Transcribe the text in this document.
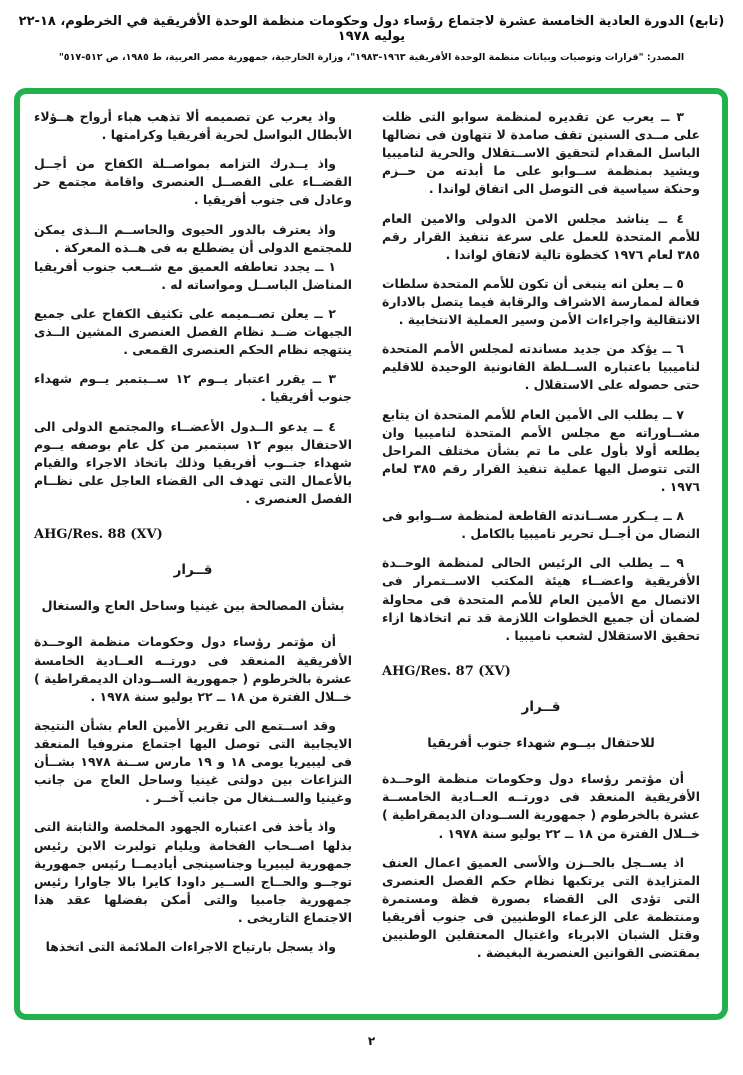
(تابع) الدورة العادية الخامسة عشرة لاجتماع رؤساء دول وحكومات منظمة الوحدة الأفريقية في الخرطوم، ١٨-٢٢ يوليه ١٩٧٨
المصدر: "قرارات وتوصيات وبيانات منظمة الوحدة الأفريقية ١٩٦٣-١٩٨٣"، وزارة الخارجية، جمهورية مصر العربية، ط ١٩٨٥، ص ٥١٢-٥١٧"

٣ ــ يعرب عن تقديره لمنظمة سوابو التى ظلت على مــدى السنين تقف صامدة لا تتهاون فى نضالها الباسل المقدام لتحقيق الاســتقلال والحرية لناميبيا ويشيد بمنظمة ســوابو على ما أبدته من حــزم وحنكة سياسية فى التوصل الى اتفاق لواندا .

٤ ــ يناشد مجلس الامن الدولى والامين العام للأمم المتحدة للعمل على سرعة تنفيذ القرار رقم ٣٨٥ لعام ١٩٧٦ كخطوة تالية لاتفاق لواندا .

٥ ــ يعلن انه ينبغى أن تكون للأمم المتحدة سلطات فعالة لممارسة الاشراف والرقابة فيما يتصل بالادارة الانتقالية واجراءات الأمن وسير العملية الانتخابية .

٦ ــ يؤكد من جديد مساندته لمجلس الأمم المتحدة لناميبيا باعتباره الســلطة القانونية الوحيدة للاقليم حتى حصوله على الاستقلال .

٧ ــ يطلب الى الأمين العام للأمم المتحدة ان يتابع مشــاوراته مع مجلس الأمم المتحدة لناميبيا وان يطلعه أولا بأول على ما تم بشأن مختلف المراحل التى تتوصل اليها عملية تنفيذ القرار رقم ٣٨٥ لعام ١٩٧٦ .

٨ ــ يــكرر مســاندته القاطعة لمنظمة ســوابو فى النضال من أجــل تحرير ناميبيا بالكامل .

٩ ــ يطلب الى الرئيس الحالى لمنظمة الوحــدة الأفريقية واعضــاء هيئة المكتب الاســتمرار فى الاتصال مع الأمين العام للأمم المتحدة فى محاولة لضمان أن جميع الخطوات اللازمة قد تم اتخاذها ازاء تحقيق الاستقلال لشعب ناميبيا .

AHG/Res. 87 (XV)

قــرار

للاحتفال بيــوم شهداء جنوب أفريقيا

أن مؤتمر رؤساء دول وحكومات منظمة الوحــدة الأفريقية المنعقد فى دورتــه العــادية الخامســة عشرة بالخرطوم ( جمهورية الســودان الديمقراطية ) خــلال الفترة من ١٨ ــ ٢٢ يوليو سنة ١٩٧٨ .

اذ يســجل بالحــزن والأسى العميق اعمال العنف المتزايدة التى يرتكبها نظام حكم الفصل العنصرى التى تؤدى الى القضاء بصورة فظة ومستمرة ومنتظمة على الزعماء الوطنيين فى جنوب أفريقيا وقتل الشبان الابرياء واغتيال المعتقلين الوطنيين بمقتضى القوانين العنصرية البغيضة .

واذ يعرب عن تصميمه ألا تذهب هباء أرواح هــؤلاء الأبطال البواسل لحرية أفريقيا وكرامتها .

واذ يــدرك التزامه بمواصــلة الكفاح من أجــل القضــاء على الفصــل العنصرى واقامة مجتمع حر وعادل فى جنوب أفريقيا .

واذ يعترف بالدور الحيوى والحاســم الــذى يمكن للمجتمع الدولى أن يضطلع به فى هــذه المعركة .

١ ــ يجدد تعاطفه العميق مع شــعب جنوب أفريقيا المناضل الباســل ومواساته له .

٢ ــ يعلن تصــميمه على تكثيف الكفاح على جميع الجبهات ضــد نظام الفصل العنصرى المشين الــذى ينتهجه نظام الحكم العنصرى القمعى .

٣ ــ يقرر اعتبار يــوم ١٢ ســبتمبر يــوم شهداء جنوب أفريقيا .

٤ ــ يدعو الــدول الأعضــاء والمجتمع الدولى الى الاحتفال بيوم ١٢ سبتمبر من كل عام بوصفه يــوم شهداء جنــوب أفريقيا وذلك باتخاذ الاجراء والقيام بالأعمال التى تهدف الى القضاء العاجل على نظــام الفصل العنصرى .

AHG/Res. 88 (XV)

قــرار

بشأن المصالحة بين غينيا وساحل العاج والسنغال

أن مؤتمر رؤساء دول وحكومات منظمة الوحــدة الأفريقية المنعقد فى دورتــه العــادية الخامسة عشرة بالخرطوم ( جمهورية الســودان الديمقراطية ) خــلال الفترة من ١٨ ــ ٢٢ يوليو سنة ١٩٧٨ .

وقد اســتمع الى تقرير الأمين العام بشأن النتيجة الايجابية التى توصل اليها اجتماع منروفيا المنعقد فى ليبيريا يومى ١٨ و ١٩ مارس ســنة ١٩٧٨ بشــأن النزاعات بين دولتى غينيا وساحل العاج من جانب وغينيا والســنغال من جانب آخــر .

واذ يأخذ فى اعتباره الجهود المخلصة والثابتة التى بذلها اصــحاب الفخامة ويليام تولبرت الابن رئيس جمهورية ليبيريا وجناسينجى أياديمــا رئيس جمهورية توجــو والحــاج الســير داودا كايرا بالا جاوارا رئيس جمهورية جامبيا والتى أمكن بفضلها عقد هذا الاجتماع التاريخى .

واذ يسجل بارتياح الاجراءات الملائمة التى اتخذها

٢
